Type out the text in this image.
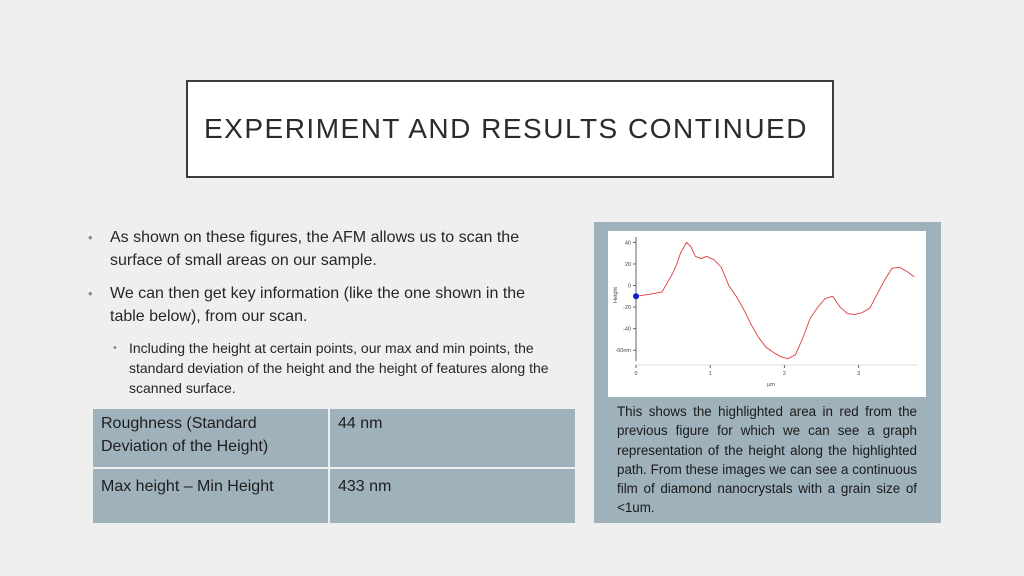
EXPERIMENT AND RESULTS CONTINUED
• As shown on these figures, the AFM allows us to scan the surface of small areas on our sample.
• We can then get key information (like the one shown in the table below), from our scan.
• Including the height at certain points, our max and min points, the standard deviation of the height and the height of features along the scanned surface.
Roughness (Standard Deviation of the Height)	44 nm
Max height – Min Height	433 nm
40
20
0
-20
-40
-60nm
0	1	2	3
µm
Height
This shows the highlighted area in red from the previous figure for which we can see a graph representation of the height along the highlighted path. From these images we can see a continuous film of diamond nanocrystals with a grain size of <1um.
